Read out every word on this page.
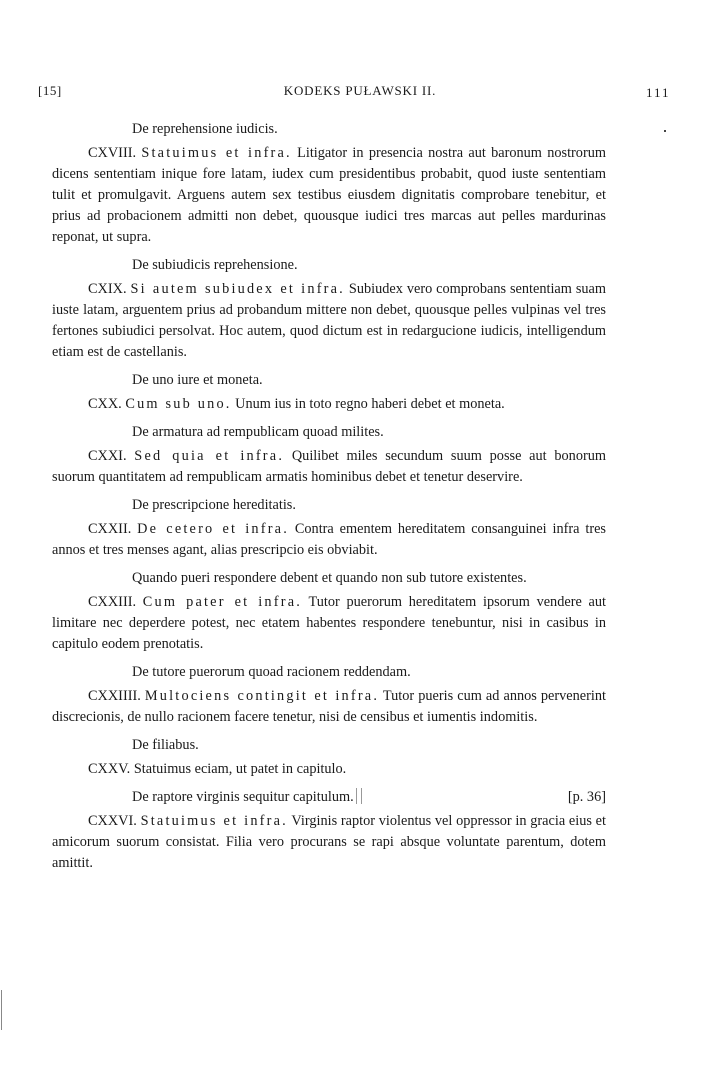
[15]	KODEKS PUŁAWSKI II.	111

De reprehensione iudicis.

CXVIII. Statuimus et infra. Litigator in presencia nostra aut baronum nostrorum dicens sententiam inique fore latam, iudex cum presidentibus probabit, quod iuste sententiam tulit et promulgavit. Arguens autem sex testibus eiusdem dignitatis comprobare tenebitur, et prius ad probacionem admitti non debet, quousque iudici tres marcas aut pelles mardurinas reponat, ut supra.

De subiudicis reprehensione.

CXIX. Si autem subiudex et infra. Subiudex vero comprobans sententiam suam iuste latam, arguentem prius ad probandum mittere non debet, quousque pelles vulpinas vel tres fertones subiudici persolvat. Hoc autem, quod dictum est in redargucione iudicis, intelligendum etiam est de castellanis.

De uno iure et moneta.

CXX. Cum sub uno. Unum ius in toto regno haberi debet et moneta.

De armatura ad rempublicam quoad milites.

CXXI. Sed quia et infra. Quilibet miles secundum suum posse aut bonorum suorum quantitatem ad rempublicam armatis hominibus debet et tenetur deservire.

De prescripcione hereditatis.

CXXII. De cetero et infra. Contra ementem hereditatem consanguinei infra tres annos et tres menses agant, alias prescripcio eis obviabit.

Quando pueri respondere debent et quando non sub tutore existentes.

CXXIII. Cum pater et infra. Tutor puerorum hereditatem ipsorum vendere aut limitare nec deperdere potest, nec etatem habentes respondere tenebuntur, nisi in casibus in capitulo eodem prenotatis.

De tutore puerorum quoad racionem reddendam.

CXXIIII. Multociens contingit et infra. Tutor pueris cum ad annos pervenerint discrecionis, de nullo racionem facere tenetur, nisi de censibus et iumentis indomitis.

De filiabus.

CXXV. Statuimus eciam, ut patet in capitulo.

De raptore virginis sequitur capitulum.	[p. 36]

CXXVI. Statuimus et infra. Virginis raptor violentus vel oppressor in gracia eius et amicorum suorum consistat. Filia vero procurans se rapi absque voluntate parentum, dotem amittit.
